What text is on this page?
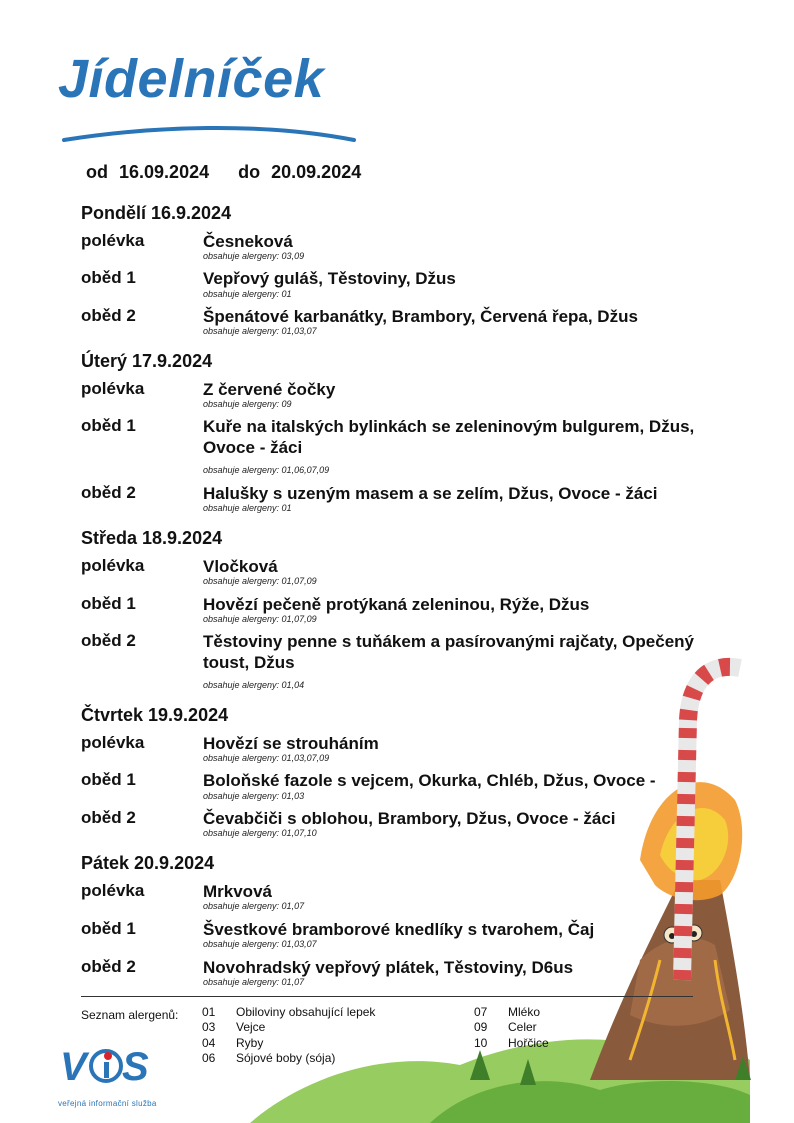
Jídelníček
od 16.09.2024 do 20.09.2024
Pondělí 16.9.2024
polévka	Česneková
obsahuje alergeny: 03,09
oběd 1	Vepřový guláš, Těstoviny, Džus
obsahuje alergeny: 01
oběd 2	Špenátové karbanátky, Brambory, Červená řepa, Džus
obsahuje alergeny: 01,03,07
Úterý 17.9.2024
polévka	Z červené čočky
obsahuje alergeny: 09
oběd 1	Kuře na italských bylinkách se zeleninovým bulgurem, Džus, Ovoce - žáci
obsahuje alergeny: 01,06,07,09
oběd 2	Halušky s uzeným masem a se zelím, Džus, Ovoce - žáci
obsahuje alergeny: 01
Středa 18.9.2024
polévka	Vločková
obsahuje alergeny: 01,07,09
oběd 1	Hovězí pečeně protýkaná zeleninou, Rýže, Džus
obsahuje alergeny: 01,07,09
oběd 2	Těstoviny penne s tuňákem a pasírovanými rajčaty, Opečený toust, Džus
obsahuje alergeny: 01,04
Čtvrtek 19.9.2024
polévka	Hovězí se strouháním
obsahuje alergeny: 01,03,07,09
oběd 1	Boloňské fazole s vejcem, Okurka, Chléb, Džus, Ovoce -
obsahuje alergeny: 01,03
oběd 2	Čevabčiči s oblohou, Brambory, Džus, Ovoce - žáci
obsahuje alergeny: 01,07,10
Pátek 20.9.2024
polévka	Mrkvová
obsahuje alergeny: 01,07
oběd 1	Švestkové bramborové knedlíky s tvarohem, Čaj
obsahuje alergeny: 01,03,07
oběd 2	Novohradský vepřový plátek, Těstoviny, D6us
obsahuje alergeny: 01,07
Seznam alergenů: 01 Obiloviny obsahující lepek
03 Vejce
04 Ryby
06 Sójové boby (sója)
07 Mléko
09 Celer
10 Hořčice
V S
veřejná informační služba
